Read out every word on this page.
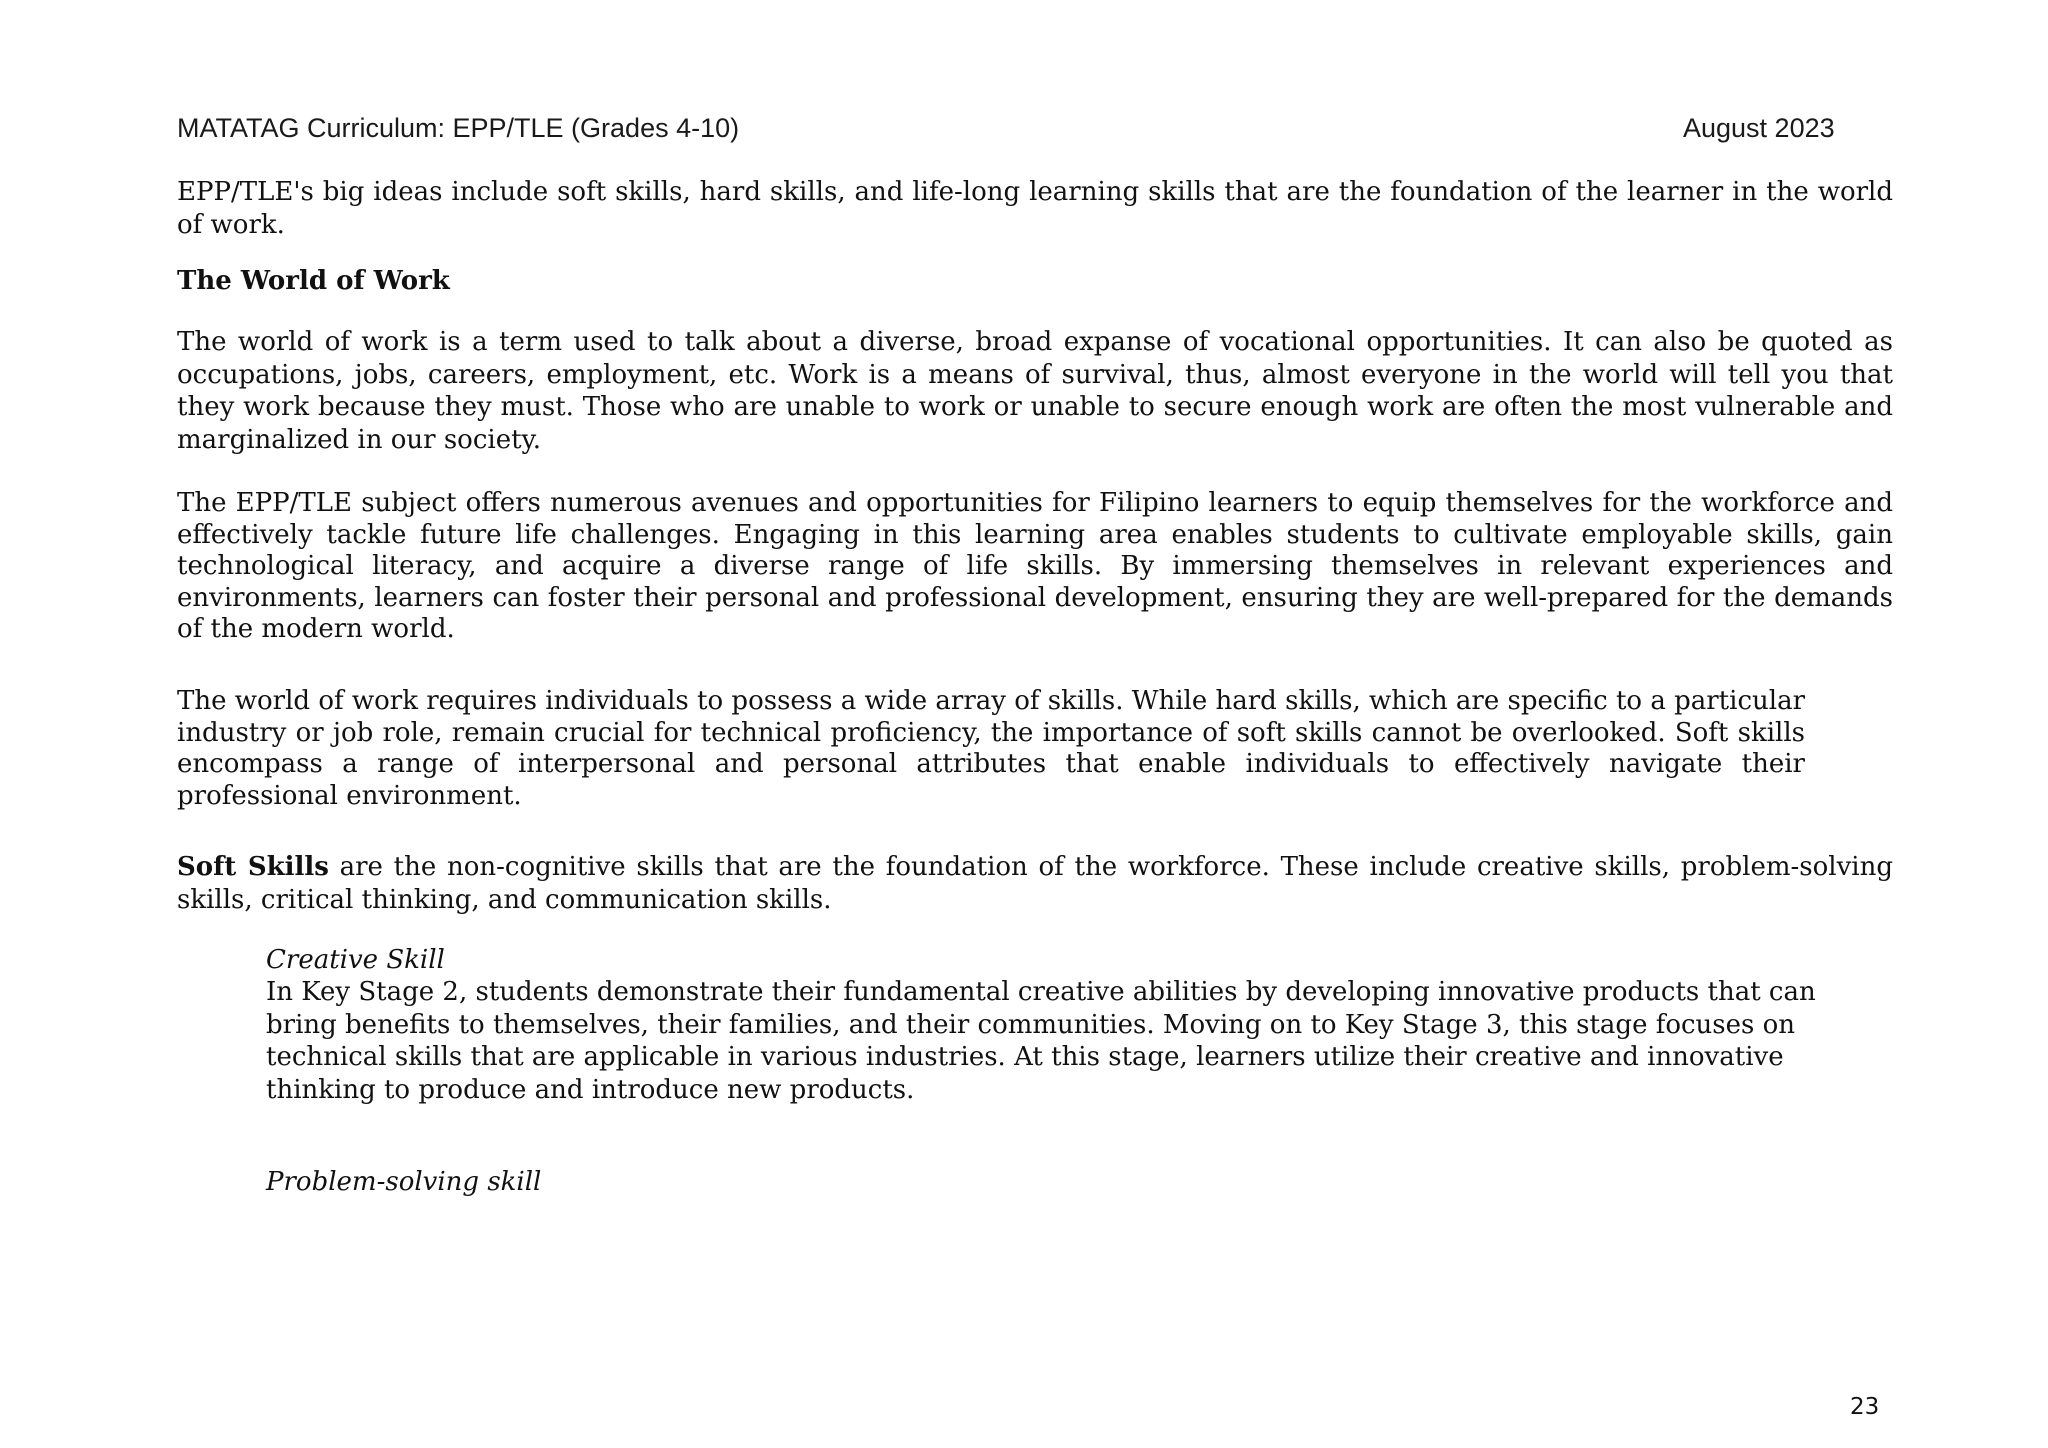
MATATAG Curriculum: EPP/TLE (Grades 4-10)	August 2023

EPP/TLE's big ideas include soft skills, hard skills, and life-long learning skills that are the foundation of the learner in the world of work.

The World of Work

The world of work is a term used to talk about a diverse, broad expanse of vocational opportunities. It can also be quoted as occupations, jobs, careers, employment, etc. Work is a means of survival, thus, almost everyone in the world will tell you that they work because they must. Those who are unable to work or unable to secure enough work are often the most vulnerable and marginalized in our society.

The EPP/TLE subject offers numerous avenues and opportunities for Filipino learners to equip themselves for the workforce and effectively tackle future life challenges. Engaging in this learning area enables students to cultivate employable skills, gain technological literacy, and acquire a diverse range of life skills. By immersing themselves in relevant experiences and environments, learners can foster their personal and professional development, ensuring they are well-prepared for the demands of the modern world.

The world of work requires individuals to possess a wide array of skills. While hard skills, which are specific to a particular industry or job role, remain crucial for technical proficiency, the importance of soft skills cannot be overlooked. Soft skills encompass a range of interpersonal and personal attributes that enable individuals to effectively navigate their professional environment.

Soft Skills are the non-cognitive skills that are the foundation of the workforce. These include creative skills, problem-solving skills, critical thinking, and communication skills.

Creative Skill

In Key Stage 2, students demonstrate their fundamental creative abilities by developing innovative products that can bring benefits to themselves, their families, and their communities. Moving on to Key Stage 3, this stage focuses on technical skills that are applicable in various industries. At this stage, learners utilize their creative and innovative thinking to produce and introduce new products.

Problem-solving skill
23
